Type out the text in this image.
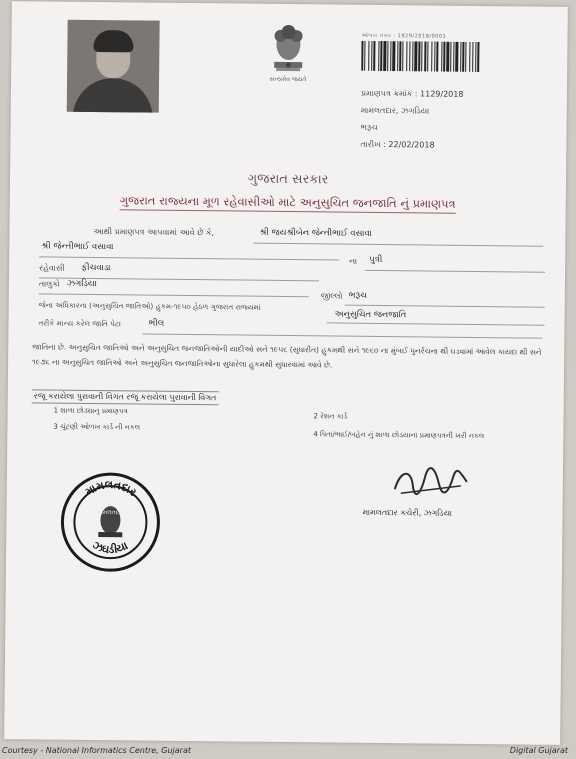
સત્યમેવ જયતે
ઓળખ નંબર : 1929/2018/0001
પ્રમાણપત્ર ક્રમાંક : 1129/2018
મામલતદાર, ઝગડિયા
ભરૂચ
તારીખ : 22/02/2018
ગુજરાત સરકાર
ગુજરાત રાજ્યના મૂળ રહેવાસીઓ માટે અનુસુચિત જનજાતિ નું પ્રમાણપત્ર
આથી પ્રમાણપત્ર આપવામાં આવે છે કે,	શ્રી જયશ્રીબેન જેન્તીભાઈ વસાવા
શ્રી જેન્તીભાઈ વસાવા
ના પુત્રી
રહેવાસી ફીચવાડા
તાલુકો ઝગડિયા
જીલ્લો ભરૂચ
જેના અધિકારના (અનુસુચિત જાતિઓ) હુકમ-૧૯૫૦ હેઠળ ગુજરાત રાજ્યમાં
અનુસુચિત જનજાતિ
તરીકે માન્ય કરેલ જાતિ પેટા	ભીલ
જાતિના છે. અનુસુચિત જાતિઓ અને અનુસુચિત જનજાતિઓની યાદીઓ સને ૧૯૫૬ (સુધારીત) હુકમથી સને ૧૯૬૦ ના મુંબઈ પુનર્રચના થી ઘડવામાં આવેલ કાયદા થી સને ૧૯૭૬ ના અનુસુચિત જાતિઓ અને અનુસુચિત જનજાતિઓના સુધારેલા હુકમથી સુધારવામાં આવે છે.
રજૂ કરાયેલા પુરાવાની વિગત રજૂ કરાયેલા પુરાવાની વિગત
1 શાળા છોડ્યાનુ પ્રમાણપત્ર
2 રેશન કાર્ડ
3 ચૂંટણી ઓળખ કાર્ડ ની નકલ
4 પિતા/ભાઈ/બહેન નું શાળા છોડયાનાં પ્રમાણપત્રની ખરી નકલ
મામલતદાર
ઝઘડીયા
મામલતદાર	મામલતદાર કચેરી, ઝગડિયા
Courtesy - National Informatics Centre, Gujarat	Digital Gujarat
